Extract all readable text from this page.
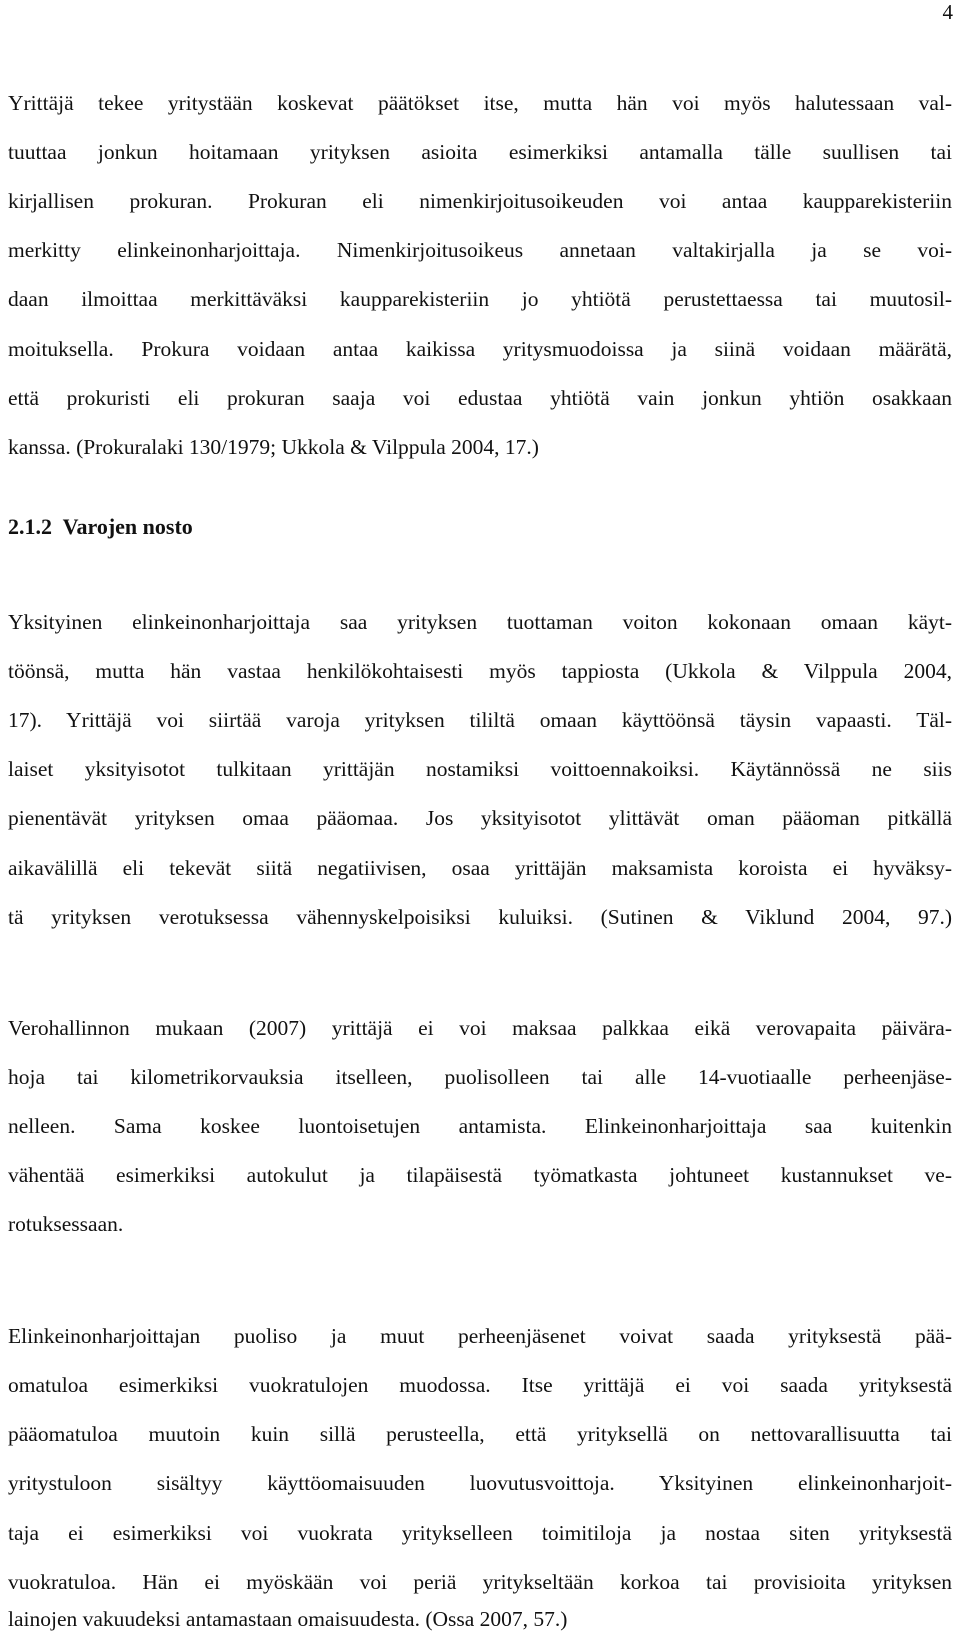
4
Yrittäjä tekee yritystään koskevat päätökset itse, mutta hän voi myös halutessaan val-
tuuttaa jonkun hoitamaan yrityksen asioita esimerkiksi antamalla tälle suullisen tai
kirjallisen prokuran. Prokuran eli nimenkirjoitusoikeuden voi antaa kaupparekisteriin
merkitty elinkeinonharjoittaja. Nimenkirjoitusoikeus annetaan valtakirjalla ja se voi-
daan ilmoittaa merkittäväksi kaupparekisteriin jo yhtiötä perustettaessa tai muutosil-
moituksella. Prokura voidaan antaa kaikissa yritysmuodoissa ja siinä voidaan määrätä,
että prokuristi eli prokuran saaja voi edustaa yhtiötä vain jonkun yhtiön osakkaan
kanssa. (Prokuralaki 130/1979; Ukkola & Vilppula 2004, 17.)
2.1.2 Varojen nosto
Yksityinen elinkeinonharjoittaja saa yrityksen tuottaman voiton kokonaan omaan käyt-
töönsä, mutta hän vastaa henkilökohtaisesti myös tappiosta (Ukkola & Vilppula 2004,
17). Yrittäjä voi siirtää varoja yrityksen tililtä omaan käyttöönsä täysin vapaasti. Täl-
laiset yksityisotot tulkitaan yrittäjän nostamiksi voittoennakoiksi. Käytännössä ne siis
pienentävät yrityksen omaa pääomaa. Jos yksityisotot ylittävät oman pääoman pitkällä
aikavälillä eli tekevät siitä negatiivisen, osaa yrittäjän maksamista koroista ei hyväksy-
tä yrityksen verotuksessa vähennyskelpoisiksi kuluiksi. (Sutinen & Viklund 2004, 97.)
Verohallinnon mukaan (2007) yrittäjä ei voi maksaa palkkaa eikä verovapaita päivära-
hoja tai kilometrikorvauksia itselleen, puolisolleen tai alle 14-vuotiaalle perheenjäse-
nelleen. Sama koskee luontoisetujen antamista. Elinkeinonharjoittaja saa kuitenkin
vähentää esimerkiksi autokulut ja tilapäisestä työmatkasta johtuneet kustannukset ve-
rotuksessaan.
Elinkeinonharjoittajan puoliso ja muut perheenjäsenet voivat saada yrityksestä pää-
omatuloa esimerkiksi vuokratulojen muodossa. Itse yrittäjä ei voi saada yrityksestä
pääomatuloa muutoin kuin sillä perusteella, että yrityksellä on nettovarallisuutta tai
yritystuloon sisältyy käyttöomaisuuden luovutusvoittoja. Yksityinen elinkeinonharjoit-
taja ei esimerkiksi voi vuokrata yritykselleen toimitiloja ja nostaa siten yrityksestä
vuokratuloa. Hän ei myöskään voi periä yritykseltään korkoa tai provisioita yrityksen
lainojen vakuudeksi antamastaan omaisuudesta. (Ossa 2007, 57.)
